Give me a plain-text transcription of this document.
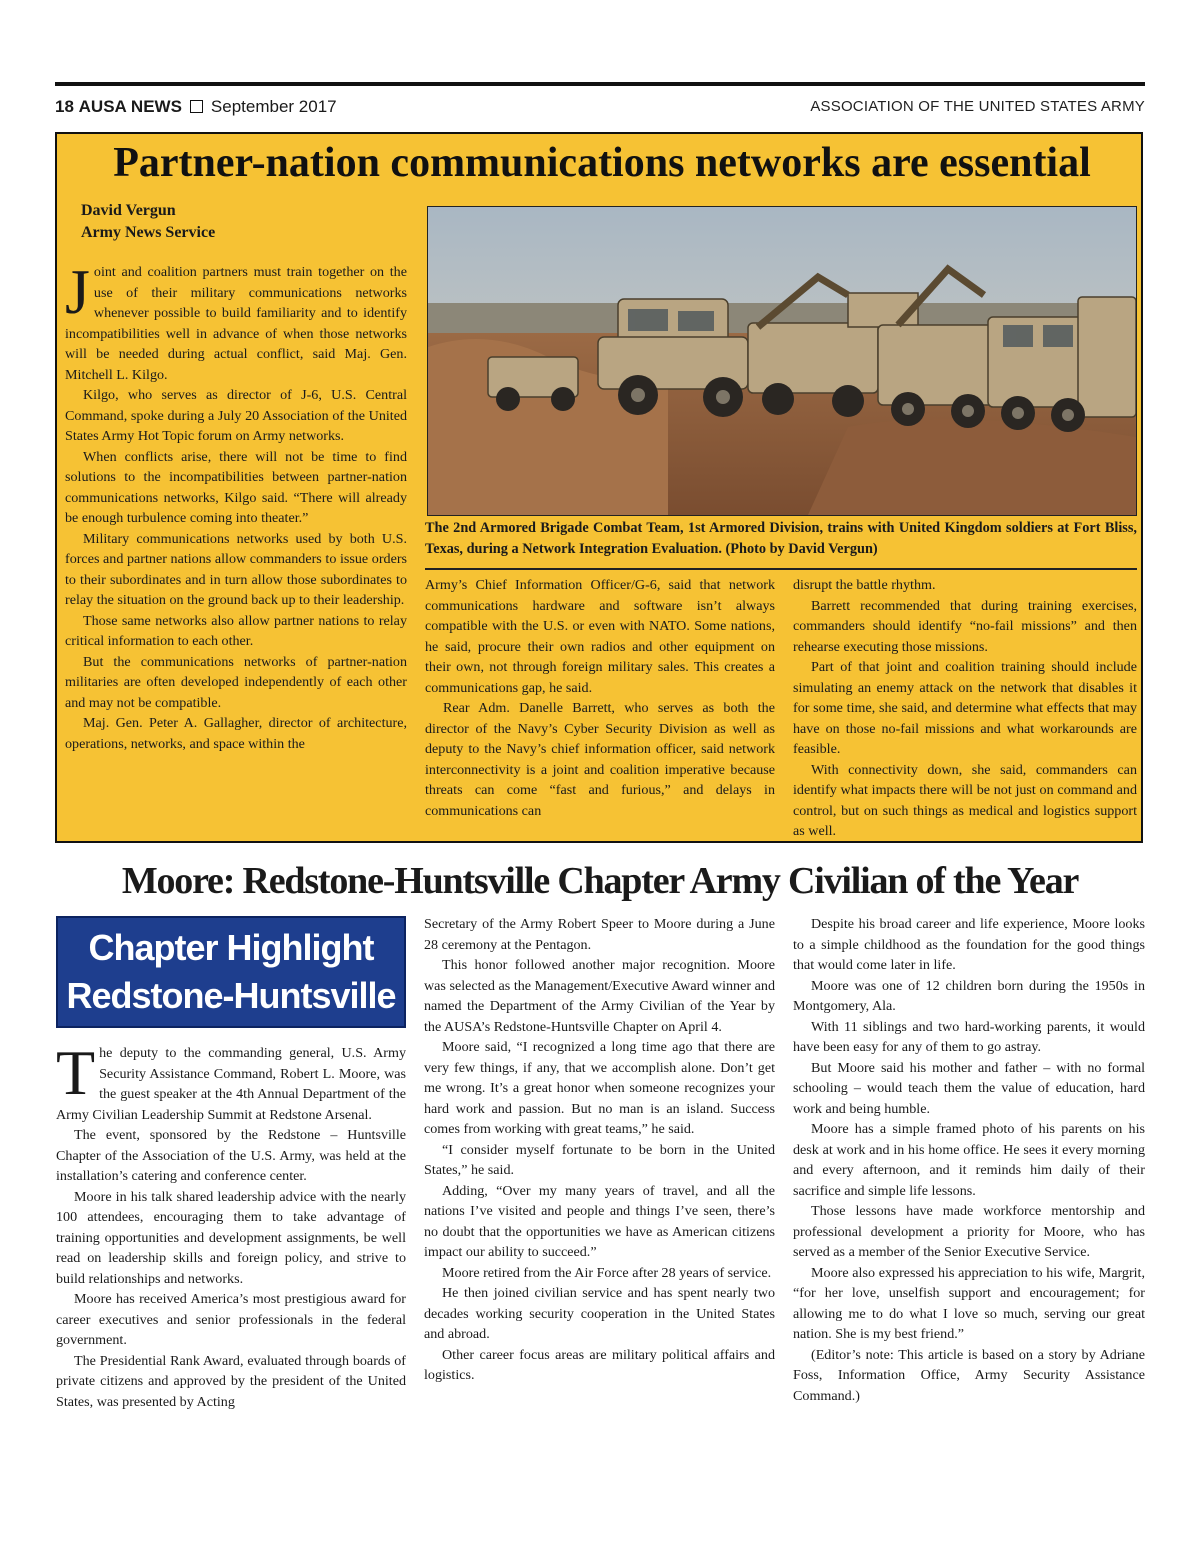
18 AUSA NEWS September 2017	ASSOCIATION OF THE UNITED STATES ARMY
Partner-nation communications networks are essential
David Vergun
Army News Service

Joint and coalition partners must train together on the use of their military communications networks whenever possible to build familiarity and to identify incompatibilities well in advance of when those networks will be needed during actual conflict, said Maj. Gen. Mitchell L. Kilgo.

Kilgo, who serves as director of J-6, U.S. Central Command, spoke during a July 20 Association of the United States Army Hot Topic forum on Army networks.

When conflicts arise, there will not be time to find solutions to the incompatibilities between partner-nation communications networks, Kilgo said. “There will already be enough turbulence coming into theater.”

Military communications networks used by both U.S. forces and partner nations allow commanders to issue orders to their subordinates and in turn allow those subordinates to relay the situation on the ground back up to their leadership.

Those same networks also allow partner nations to relay critical information to each other.

But the communications networks of partner-nation militaries are often developed independently of each other and may not be compatible.

Maj. Gen. Peter A. Gallagher, director of architecture, operations, networks, and space within the

The 2nd Armored Brigade Combat Team, 1st Armored Division, trains with United Kingdom soldiers at Fort Bliss, Texas, during a Network Integration Evaluation. (Photo by David Vergun)

Army’s Chief Information Officer/G-6, said that network communications hardware and software isn’t always compatible with the U.S. or even with NATO. Some nations, he said, procure their own radios and other equipment on their own, not through foreign military sales. This creates a communications gap, he said.

Rear Adm. Danelle Barrett, who serves as both the director of the Navy’s Cyber Security Division as well as deputy to the Navy’s chief information officer, said network interconnectivity is a joint and coalition imperative because threats can come “fast and furious,” and delays in communications can

disrupt the battle rhythm.

Barrett recommended that during training exercises, commanders should identify “no-fail missions” and then rehearse executing those missions.

Part of that joint and coalition training should include simulating an enemy attack on the network that disables it for some time, she said, and determine what effects that may have on those no-fail missions and what workarounds are feasible.

With connectivity down, she said, commanders can identify what impacts there will be not just on command and control, but on such things as medical and logistics support as well.

Moore: Redstone-Huntsville Chapter Army Civilian of the Year
Chapter Highlight
Redstone-Huntsville

The deputy to the commanding general, U.S. Army Security Assistance Command, Robert L. Moore, was the guest speaker at the 4th Annual Department of the Army Civilian Leadership Summit at Redstone Arsenal.

The event, sponsored by the Redstone – Huntsville Chapter of the Association of the U.S. Army, was held at the installation’s catering and conference center.

Moore in his talk shared leadership advice with the nearly 100 attendees, encouraging them to take advantage of training opportunities and development assignments, be well read on leadership skills and foreign policy, and strive to build relationships and networks.

Moore has received America’s most prestigious award for career executives and senior professionals in the federal government.

The Presidential Rank Award, evaluated through boards of private citizens and approved by the president of the United States, was presented by Acting

Secretary of the Army Robert Speer to Moore during a June 28 ceremony at the Pentagon.

This honor followed another major recognition. Moore was selected as the Management/Executive Award winner and named the Department of the Army Civilian of the Year by the AUSA’s Redstone-Huntsville Chapter on April 4.

Moore said, “I recognized a long time ago that there are very few things, if any, that we accomplish alone. Don’t get me wrong. It’s a great honor when someone recognizes your hard work and passion. But no man is an island. Success comes from working with great teams,” he said.

“I consider myself fortunate to be born in the United States,” he said.

Adding, “Over my many years of travel, and all the nations I’ve visited and people and things I’ve seen, there’s no doubt that the opportunities we have as American citizens impact our ability to succeed.”

Moore retired from the Air Force after 28 years of service.

He then joined civilian service and has spent nearly two decades working security cooperation in the United States and abroad.

Other career focus areas are military political affairs and logistics.

Despite his broad career and life experience, Moore looks to a simple childhood as the foundation for the good things that would come later in life.

Moore was one of 12 children born during the 1950s in Montgomery, Ala.

With 11 siblings and two hard-working parents, it would have been easy for any of them to go astray.

But Moore said his mother and father – with no formal schooling – would teach them the value of education, hard work and being humble.

Moore has a simple framed photo of his parents on his desk at work and in his home office. He sees it every morning and every afternoon, and it reminds him daily of their sacrifice and simple life lessons.

Those lessons have made workforce mentorship and professional development a priority for Moore, who has served as a member of the Senior Executive Service.

Moore also expressed his appreciation to his wife, Margrit, “for her love, unselfish support and encouragement; for allowing me to do what I love so much, serving our great nation. She is my best friend.”

(Editor’s note: This article is based on a story by Adriane Foss, Information Office, Army Security Assistance Command.)
